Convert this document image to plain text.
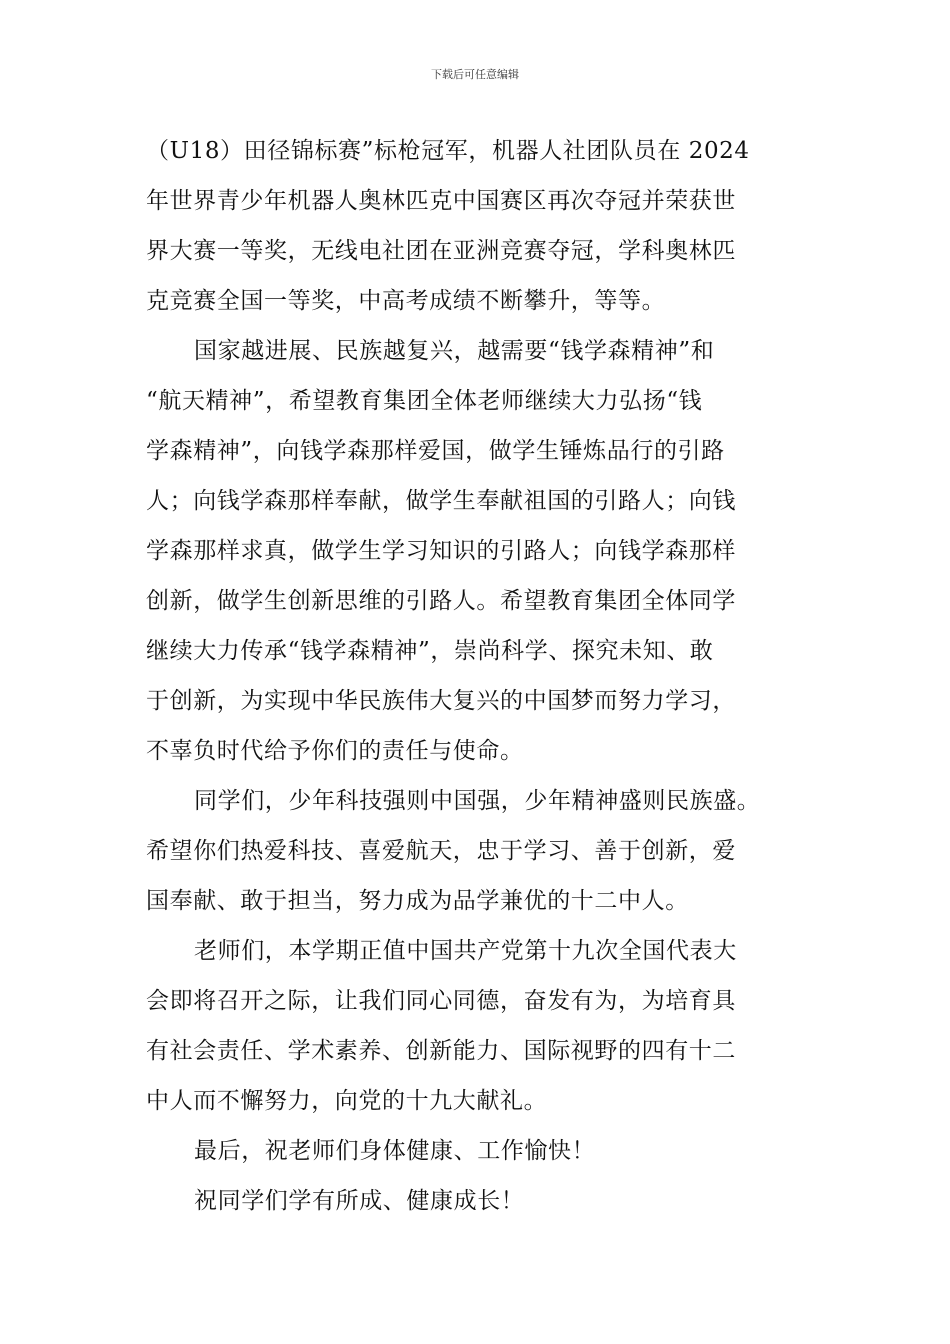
下载后可任意编辑

（U18）田径锦标赛”标枪冠军，机器人社团队员在 2024
年世界青少年机器人奥林匹克中国赛区再次夺冠并荣获世
界大赛一等奖，无线电社团在亚洲竞赛夺冠，学科奥林匹
克竞赛全国一等奖，中高考成绩不断攀升，等等。

国家越进展、民族越复兴，越需要“钱学森精神”和
“航天精神”，希望教育集团全体老师继续大力弘扬“钱
学森精神”，向钱学森那样爱国，做学生锤炼品行的引路
人；向钱学森那样奉献，做学生奉献祖国的引路人；向钱
学森那样求真，做学生学习知识的引路人；向钱学森那样
创新，做学生创新思维的引路人。希望教育集团全体同学
继续大力传承“钱学森精神”，崇尚科学、探究未知、敢
于创新，为实现中华民族伟大复兴的中国梦而努力学习，
不辜负时代给予你们的责任与使命。

同学们，少年科技强则中国强，少年精神盛则民族盛。
希望你们热爱科技、喜爱航天，忠于学习、善于创新，爱
国奉献、敢于担当，努力成为品学兼优的十二中人。

老师们，本学期正值中国共产党第十九次全国代表大
会即将召开之际，让我们同心同德，奋发有为，为培育具
有社会责任、学术素养、创新能力、国际视野的四有十二
中人而不懈努力，向党的十九大献礼。

最后，祝老师们身体健康、工作愉快！

祝同学们学有所成、健康成长！
